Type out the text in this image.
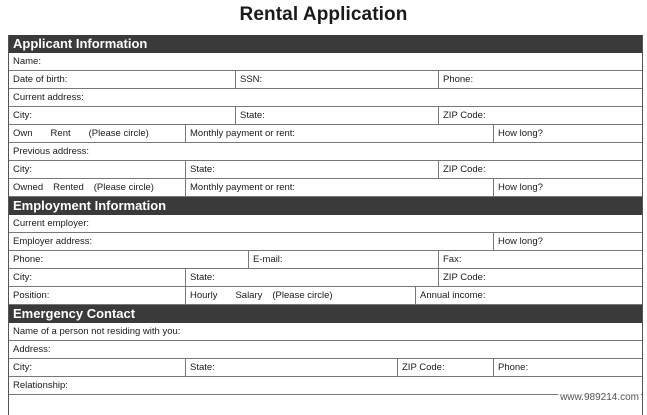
Rental Application
Applicant Information
Name:
Date of birth:	SSN:	Phone:
Current address:
City:	State:	ZIP Code:
Own Rent (Please circle)	Monthly payment or rent:	How long?
Previous address:
City:	State:	ZIP Code:
Owned Rented (Please circle)	Monthly payment or rent:	How long?
Employment Information
Current employer:
Employer address:	How long?
Phone:	E-mail:	Fax:
City:	State:	ZIP Code:
Position:	Hourly Salary (Please circle)	Annual income:
Emergency Contact
Name of a person not residing with you:
Address:
City:	State:	ZIP Code:	Phone:
Relationship:
www.989214.com
